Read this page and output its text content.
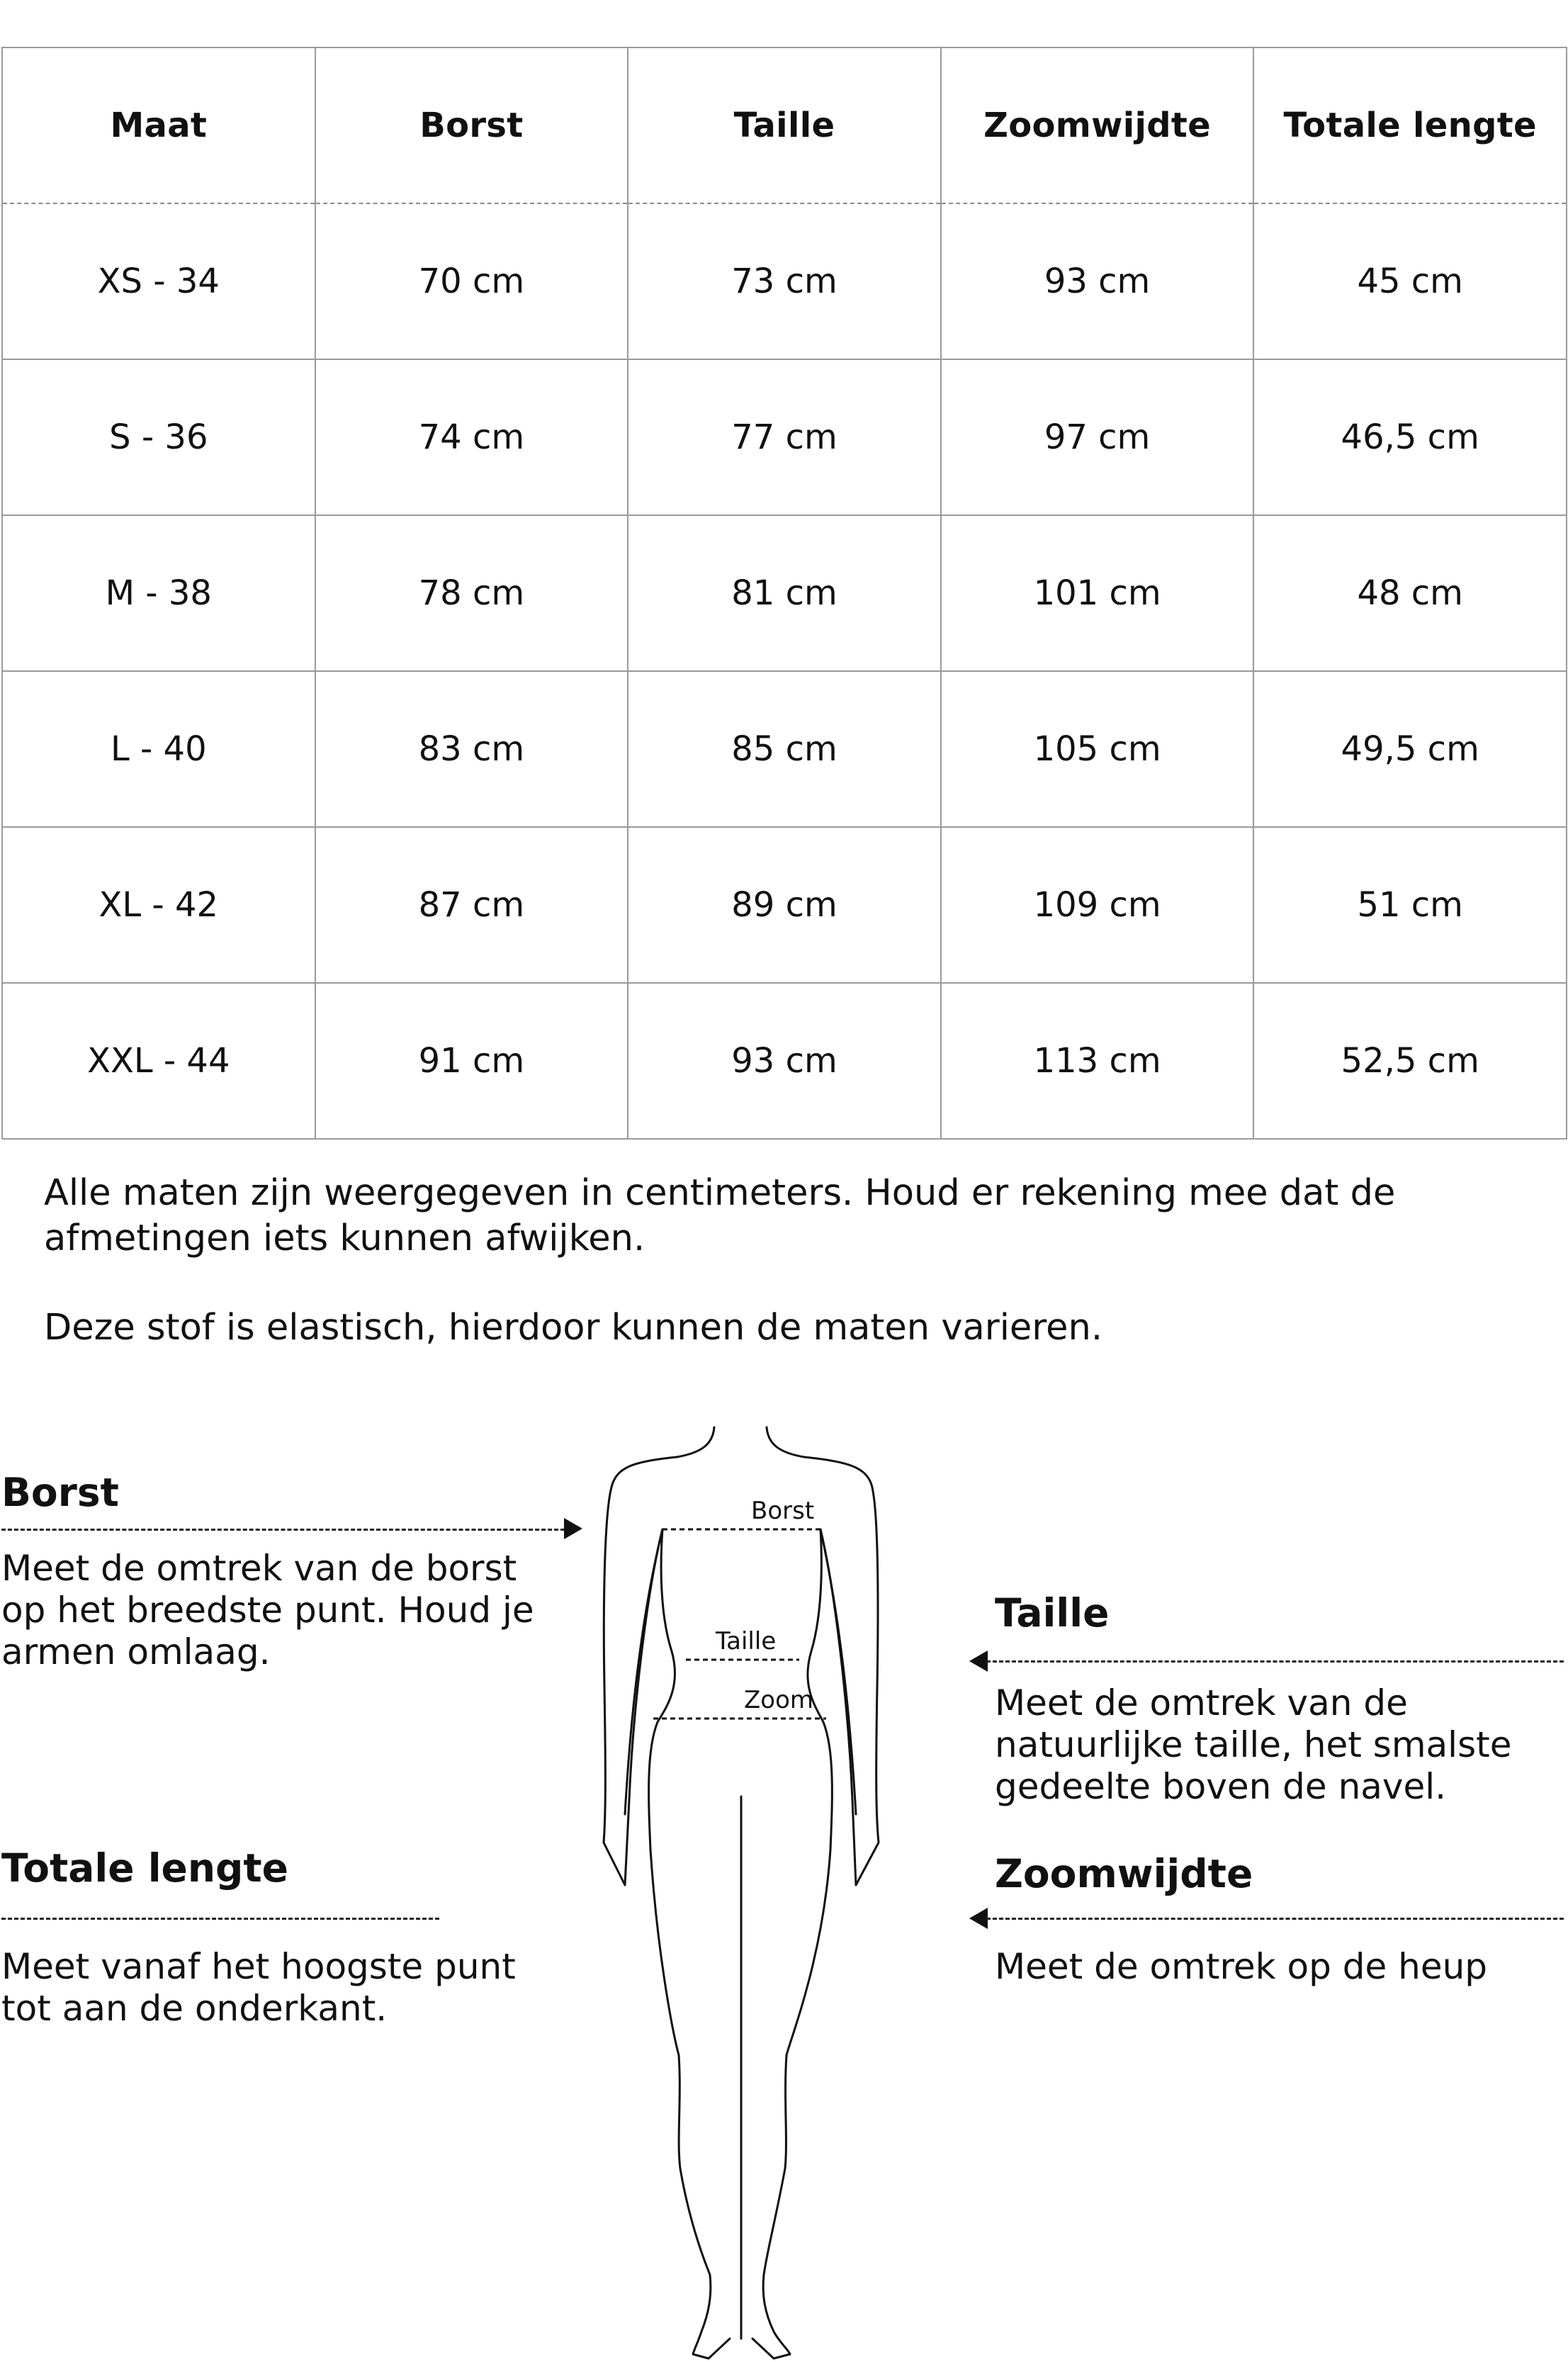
Maat	Borst	Taille	Zoomwijdte	Totale lengte
XS - 34	70 cm	73 cm	93 cm	45 cm
S - 36	74 cm	77 cm	97 cm	46,5 cm
M - 38	78 cm	81 cm	101 cm	48 cm
L - 40	83 cm	85 cm	105 cm	49,5 cm
XL - 42	87 cm	89 cm	109 cm	51 cm
XXL - 44	91 cm	93 cm	113 cm	52,5 cm

Alle maten zijn weergegeven in centimeters. Houd er rekening mee dat de

afmetingen iets kunnen afwijken.

Deze stof is elastisch, hierdoor kunnen de maten varieren.

Borst
Taille
Zoom
Borst
Meet de omtrek van de borst
op het breedste punt. Houd je
armen omlaag.
Totale lengte
Meet vanaf het hoogste punt
tot aan de onderkant.
Taille
Meet de omtrek van de
natuurlijke taille, het smalste
gedeelte boven de navel.
Zoomwijdte
Meet de omtrek op de heup
